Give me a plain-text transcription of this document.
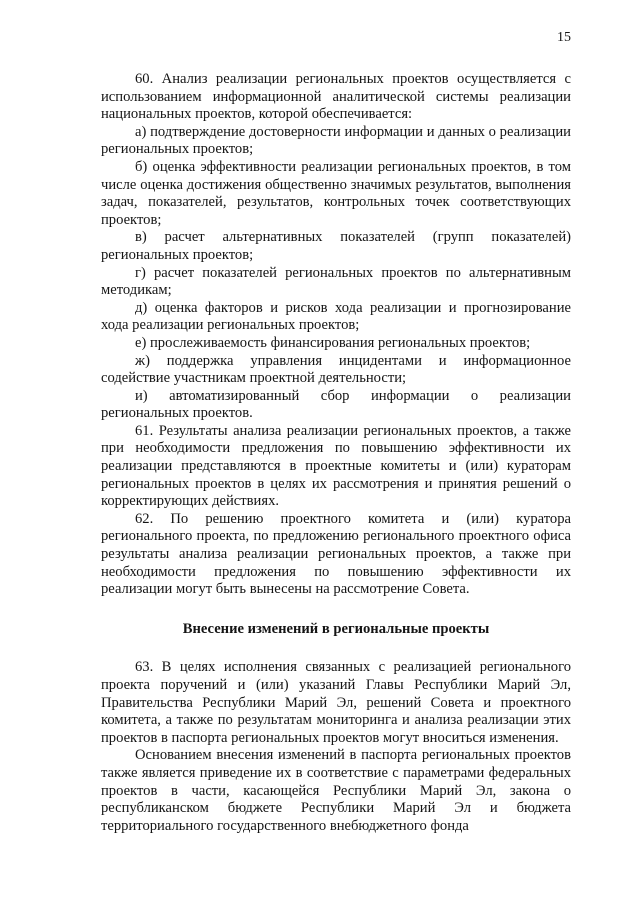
15

60. Анализ реализации региональных проектов осуществляется с использованием информационной аналитической системы реализации национальных проектов, которой обеспечивается:

а) подтверждение достоверности информации и данных о реализации региональных проектов;

б) оценка эффективности реализации региональных проектов, в том числе оценка достижения общественно значимых результатов, выполнения задач, показателей, результатов, контрольных точек соответствующих проектов;

в) расчет альтернативных показателей (групп показателей) региональных проектов;

г) расчет показателей региональных проектов по альтернативным методикам;

д) оценка факторов и рисков хода реализации и прогнозирование хода реализации региональных проектов;

е) прослеживаемость финансирования региональных проектов;

ж) поддержка управления инцидентами и информационное содействие участникам проектной деятельности;

и) автоматизированный сбор информации о реализации региональных проектов.

61. Результаты анализа реализации региональных проектов, а также при необходимости предложения по повышению эффективности их реализации представляются в проектные комитеты и (или) кураторам региональных проектов в целях их рассмотрения и принятия решений о корректирующих действиях.

62. По решению проектного комитета и (или) куратора регионального проекта, по предложению регионального проектного офиса результаты анализа реализации региональных проектов, а также при необходимости предложения по повышению эффективности их реализации могут быть вынесены на рассмотрение Совета.

Внесение изменений в региональные проекты

63. В целях исполнения связанных с реализацией регионального проекта поручений и (или) указаний Главы Республики Марий Эл, Правительства Республики Марий Эл, решений Совета и проектного комитета, а также по результатам мониторинга и анализа реализации этих проектов в паспорта региональных проектов могут вноситься изменения.

Основанием внесения изменений в паспорта региональных проектов также является приведение их в соответствие с параметрами федеральных проектов в части, касающейся Республики Марий Эл, закона о республиканском бюджете Республики Марий Эл и бюджета территориального государственного внебюджетного фонда
